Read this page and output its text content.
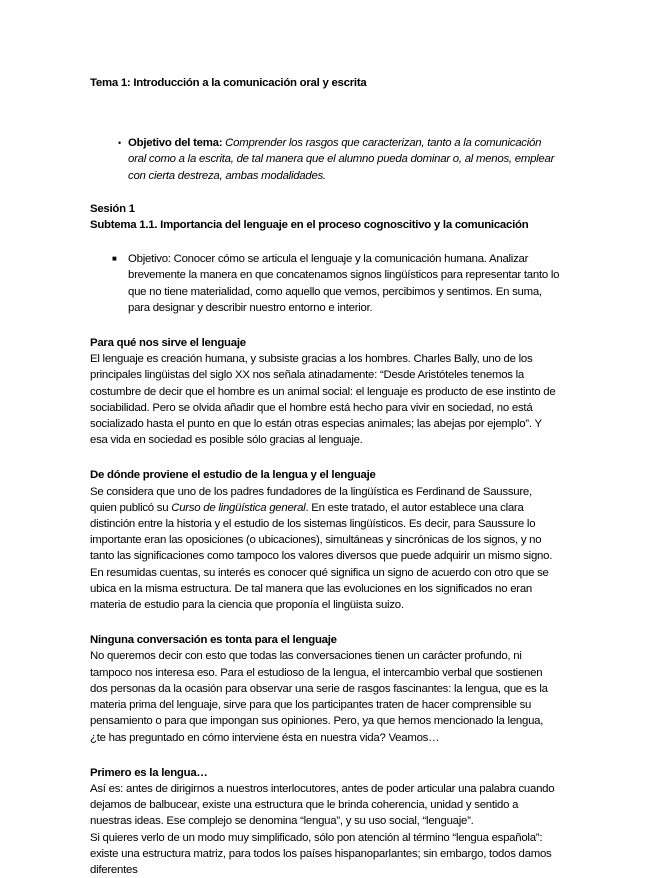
Tema 1: Introducción a la comunicación oral y escrita

• Objetivo del tema: Comprender los rasgos que caracterizan, tanto a la comunicación oral como a la escrita, de tal manera que el alumno pueda dominar o, al menos, emplear con cierta destreza, ambas modalidades.

Sesión 1

Subtema 1.1. Importancia del lenguaje en el proceso cognoscitivo y la comunicación

■	Objetivo: Conocer cómo se articula el lenguaje y la comunicación humana. Analizar brevemente la manera en que concatenamos signos lingüísticos para representar tanto lo que no tiene materialidad, como aquello que vemos, percibimos y sentimos. En suma, para designar y describir nuestro entorno e interior.

Para qué nos sirve el lenguaje

El lenguaje es creación humana, y subsiste gracias a los hombres. Charles Bally, uno de los principales lingüistas del siglo XX nos señala atinadamente: “Desde Aristóteles tenemos la costumbre de decir que el hombre es un animal social: el lenguaje es producto de ese instinto de sociabilidad. Pero se olvida añadir que el hombre está hecho para vivir en sociedad, no está socializado hasta el punto en que lo están otras especias animales; las abejas por ejemplo”. Y esa vida en sociedad es posible sólo gracias al lenguaje.

De dónde proviene el estudio de la lengua y el lenguaje

Se considera que uno de los padres fundadores de la lingüística es Ferdinand de Saussure, quien publicó su Curso de lingüística general. En este tratado, el autor establece una clara distinción entre la historia y el estudio de los sistemas lingüísticos. Es decir, para Saussure lo importante eran las oposiciones (o ubicaciones), simultáneas y sincrónicas de los signos, y no tanto las significaciones como tampoco los valores diversos que puede adquirir un mismo signo. En resumidas cuentas, su interés es conocer qué significa un signo de acuerdo con otro que se ubica en la misma estructura. De tal manera que las evoluciones en los significados no eran materia de estudio para la ciencia que proponía el lingüista suizo.

Ninguna conversación es tonta para el lenguaje

No queremos decir con esto que todas las conversaciones tienen un carácter profundo, ni tampoco nos interesa eso. Para el estudioso de la lengua, el intercambio verbal que sostienen dos personas da la ocasión para observar una serie de rasgos fascinantes: la lengua, que es la materia prima del lenguaje, sirve para que los participantes traten de hacer comprensible su pensamiento o para que impongan sus opiniones. Pero, ya que hemos mencionado la lengua, ¿te has preguntado en cómo interviene ésta en nuestra vida? Veamos…

Primero es la lengua…

Así es: antes de dirigirnos a nuestros interlocutores, antes de poder articular una palabra cuando dejamos de balbucear, existe una estructura que le brinda coherencia, unidad y sentido a nuestras ideas. Ese complejo se denomina “lengua”, y su uso social, “lenguaje”.

Si quieres verlo de un modo muy simplificado, sólo pon atención al término “lengua española”: existe una estructura matriz, para todos los países hispanoparlantes; sin embargo, todos damos diferentes
